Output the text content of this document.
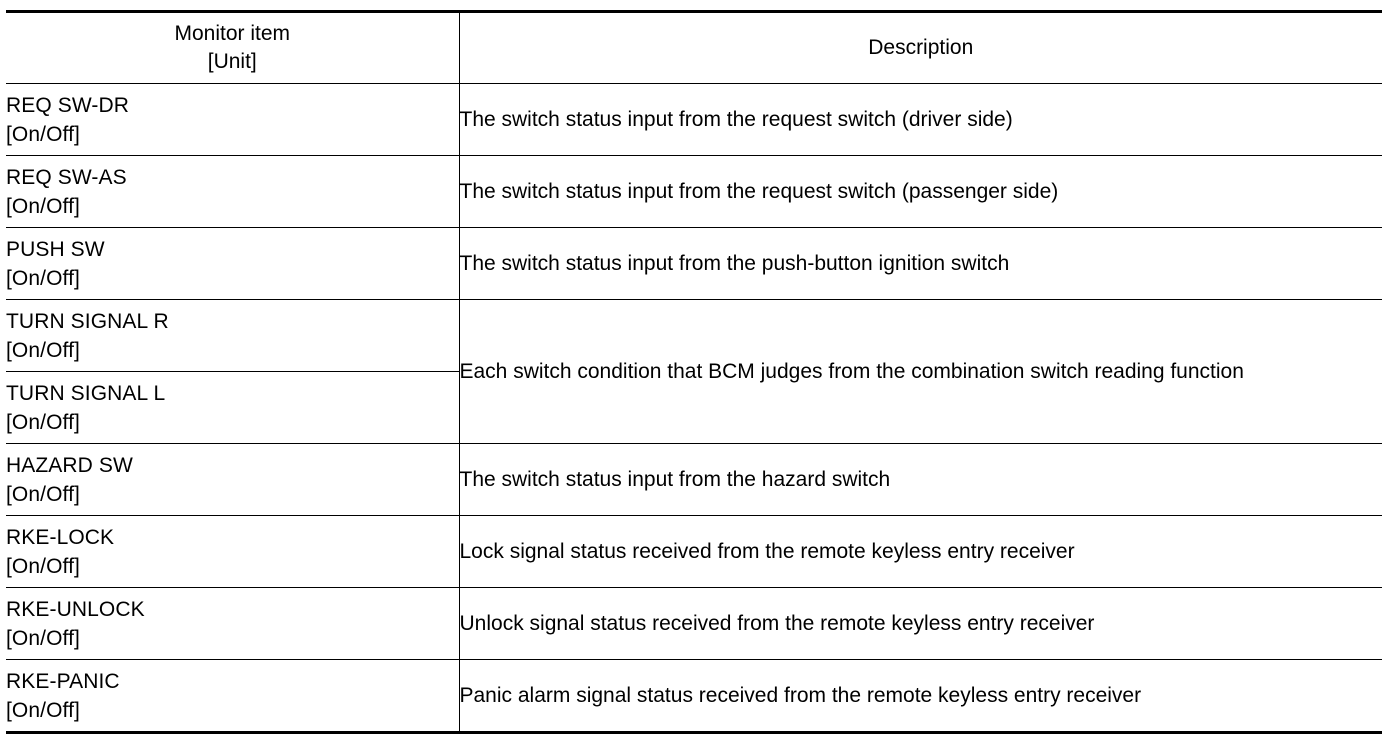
Monitor item
[Unit]	Description

REQ SW-DR
[On/Off]	The switch status input from the request switch (driver side)

REQ SW-AS
[On/Off]	The switch status input from the request switch (passenger side)

PUSH SW
[On/Off]	The switch status input from the push-button ignition switch

TURN SIGNAL R
[On/Off]	Each switch condition that BCM judges from the combination switch reading function

TURN SIGNAL L
[On/Off]	

HAZARD SW
[On/Off]	The switch status input from the hazard switch

RKE-LOCK
[On/Off]	Lock signal status received from the remote keyless entry receiver

RKE-UNLOCK
[On/Off]	Unlock signal status received from the remote keyless entry receiver

RKE-PANIC
[On/Off]	Panic alarm signal status received from the remote keyless entry receiver
